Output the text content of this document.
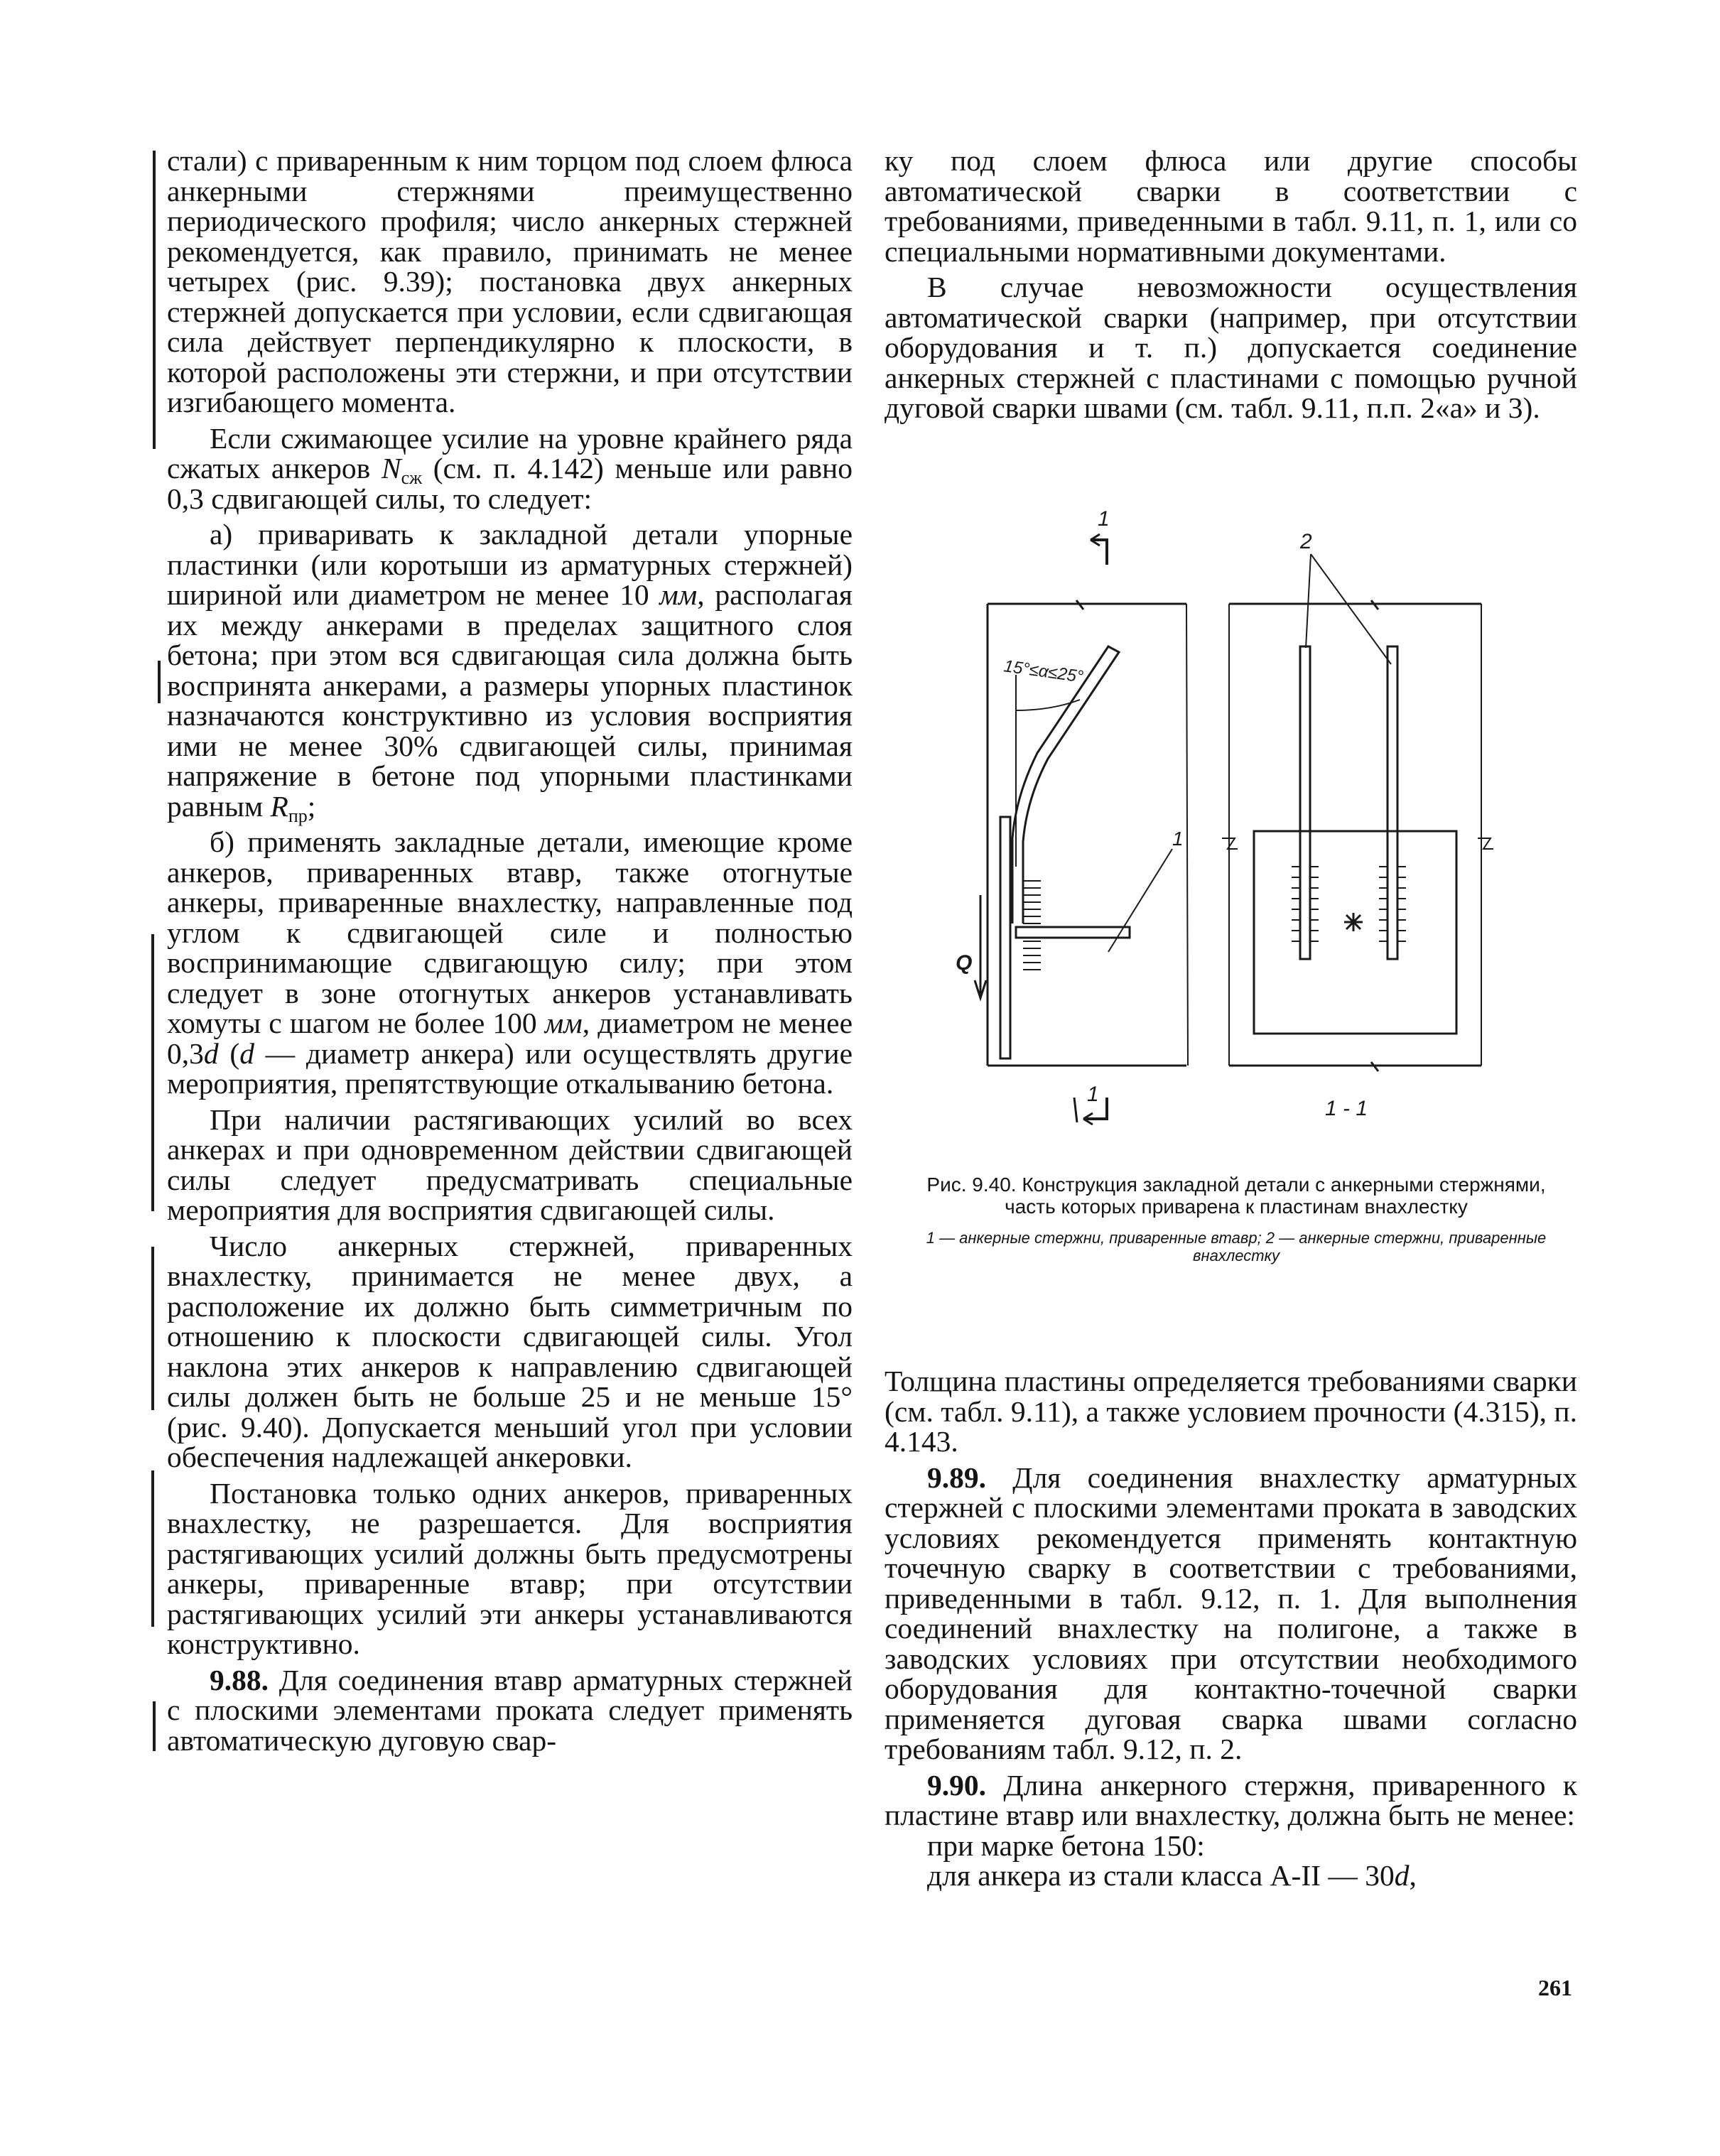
стали) с приваренным к ним торцом под слоем флюса анкерными стержнями преимущественно периодического профиля; число анкерных стержней рекомендуется, как правило, принимать не менее четырех (рис. 9.39); постановка двух анкерных стержней допускается при условии, если сдвигающая сила действует перпендикулярно к плоскости, в которой расположены эти стержни, и при отсутствии изгибающего момента.

Если сжимающее усилие на уровне крайнего ряда сжатых анкеров $N_{сж}$ (см. п. 4.142) меньше или равно 0,3 сдвигающей силы, то следует:

а) приваривать к закладной детали упорные пластинки (или коротыши из арматурных стержней) шириной или диаметром не менее 10 мм, располагая их между анкерами в пределах защитного слоя бетона; при этом вся сдвигающая сила должна быть воспринята анкерами, а размеры упорных пластинок назначаются конструктивно из условия восприятия ими не менее 30% сдвигающей силы, принимая напряжение в бетоне под упорными пластинками равным $R_{пр}$;

б) применять закладные детали, имеющие кроме анкеров, приваренных втавр, также отогнутые анкеры, приваренные внахлестку, направленные под углом к сдвигающей силе и полностью воспринимающие сдвигающую силу; при этом следует в зоне отогнутых анкеров устанавливать хомуты с шагом не более 100 мм, диаметром не менее 0,3d (d — диаметр анкера) или осуществлять другие мероприятия, препятствующие откалыванию бетона.

При наличии растягивающих усилий во всех анкерах и при одновременном действии сдвигающей силы следует предусматривать специальные мероприятия для восприятия сдвигающей силы.

Число анкерных стержней, приваренных внахлестку, принимается не менее двух, а расположение их должно быть симметричным по отношению к плоскости сдвигающей силы. Угол наклона этих анкеров к направлению сдвигающей силы должен быть не больше 25 и не меньше 15° (рис. 9.40). Допускается меньший угол при условии обеспечения надлежащей анкеровки.

Постановка только одних анкеров, приваренных внахлестку, не разрешается. Для восприятия растягивающих усилий должны быть предусмотрены анкеры, приваренные втавр; при отсутствии растягивающих усилий эти анкеры устанавливаются конструктивно.

9.88. Для соединения втавр арматурных стержней с плоскими элементами проката следует применять автоматическую дуговую свар-

ку под слоем флюса или другие способы автоматической сварки в соответствии с требованиями, приведенными в табл. 9.11, п. 1, или со специальными нормативными документами.

В случае невозможности осуществления автоматической сварки (например, при отсутствии оборудования и т. п.) допускается соединение анкерных стержней с пластинами с помощью ручной дуговой сварки швами (см. табл. 9.11, п.п. 2«а» и 3).

1
15°≤α≤25°
1
2
Q
1
1 - 1
Рис. 9.40. Конструкция закладной детали с анкерными стержнями, часть которых приварена к пластинам внахлестку
1 — анкерные стержни, приваренные втавр; 2 — анкерные стержни, приваренные внахлестку

Толщина пластины определяется требованиями сварки (см. табл. 9.11), а также условием прочности (4.315), п. 4.143.

9.89. Для соединения внахлестку арматурных стержней с плоскими элементами проката в заводских условиях рекомендуется применять контактную точечную сварку в соответствии с требованиями, приведенными в табл. 9.12, п. 1. Для выполнения соединений внахлестку на полигоне, а также в заводских условиях при отсутствии необходимого оборудования для контактно-точечной сварки применяется дуговая сварка швами согласно требованиям табл. 9.12, п. 2.

9.90. Длина анкерного стержня, приваренного к пластине втавр или внахлестку, должна быть не менее:

при марке бетона 150:

для анкера из стали класса А-II — 30d,

261
